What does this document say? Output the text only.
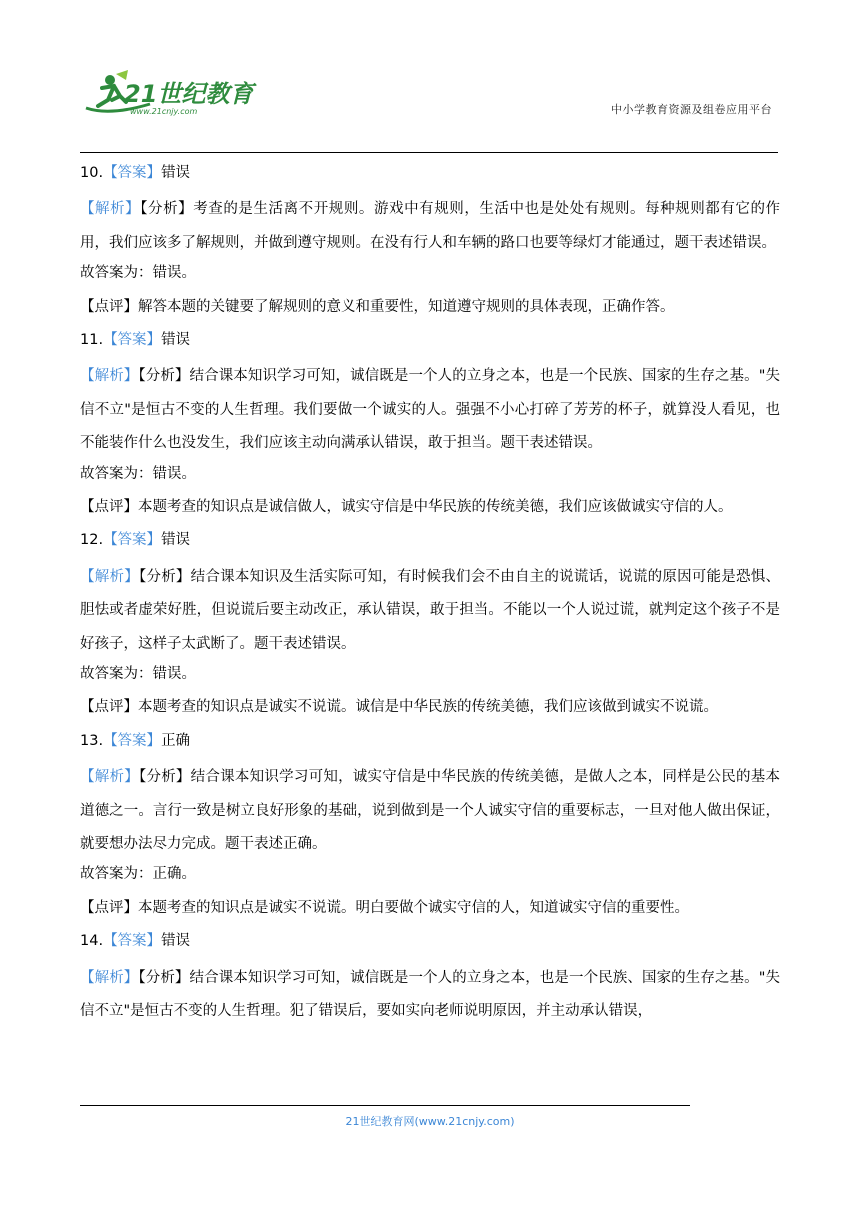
21世纪教育
www.21cnjy.com	中小学教育资源及组卷应用平台
10.【答案】错误
【解析】【分析】考查的是生活离不开规则。游戏中有规则，生活中也是处处有规则。每种规则都有它的作用，我们应该多了解规则，并做到遵守规则。在没有行人和车辆的路口也要等绿灯才能通过，题干表述错误。
故答案为：错误。
【点评】解答本题的关键要了解规则的意义和重要性，知道遵守规则的具体表现，正确作答。
11.【答案】错误
【解析】【分析】结合课本知识学习可知，诚信既是一个人的立身之本，也是一个民族、国家的生存之基。"失信不立"是恒古不变的人生哲理。我们要做一个诚实的人。强强不小心打碎了芳芳的杯子，就算没人看见，也不能装作什么也没发生，我们应该主动向满承认错误，敢于担当。题干表述错误。
故答案为：错误。
【点评】本题考查的知识点是诚信做人，诚实守信是中华民族的传统美德，我们应该做诚实守信的人。
12.【答案】错误
【解析】【分析】结合课本知识及生活实际可知，有时候我们会不由自主的说谎话，说谎的原因可能是恐惧、胆怯或者虚荣好胜，但说谎后要主动改正，承认错误，敢于担当。不能以一个人说过谎，就判定这个孩子不是好孩子，这样子太武断了。题干表述错误。
故答案为：错误。
【点评】本题考查的知识点是诚实不说谎。诚信是中华民族的传统美德，我们应该做到诚实不说谎。
13.【答案】正确
【解析】【分析】结合课本知识学习可知，诚实守信是中华民族的传统美德，是做人之本，同样是公民的基本道德之一。言行一致是树立良好形象的基础，说到做到是一个人诚实守信的重要标志，一旦对他人做出保证，就要想办法尽力完成。题干表述正确。
故答案为：正确。
【点评】本题考查的知识点是诚实不说谎。明白要做个诚实守信的人，知道诚实守信的重要性。
14.【答案】错误
【解析】【分析】结合课本知识学习可知，诚信既是一个人的立身之本，也是一个民族、国家的生存之基。"失信不立"是恒古不变的人生哲理。犯了错误后，要如实向老师说明原因，并主动承认错误，
21世纪教育网(www.21cnjy.com)
